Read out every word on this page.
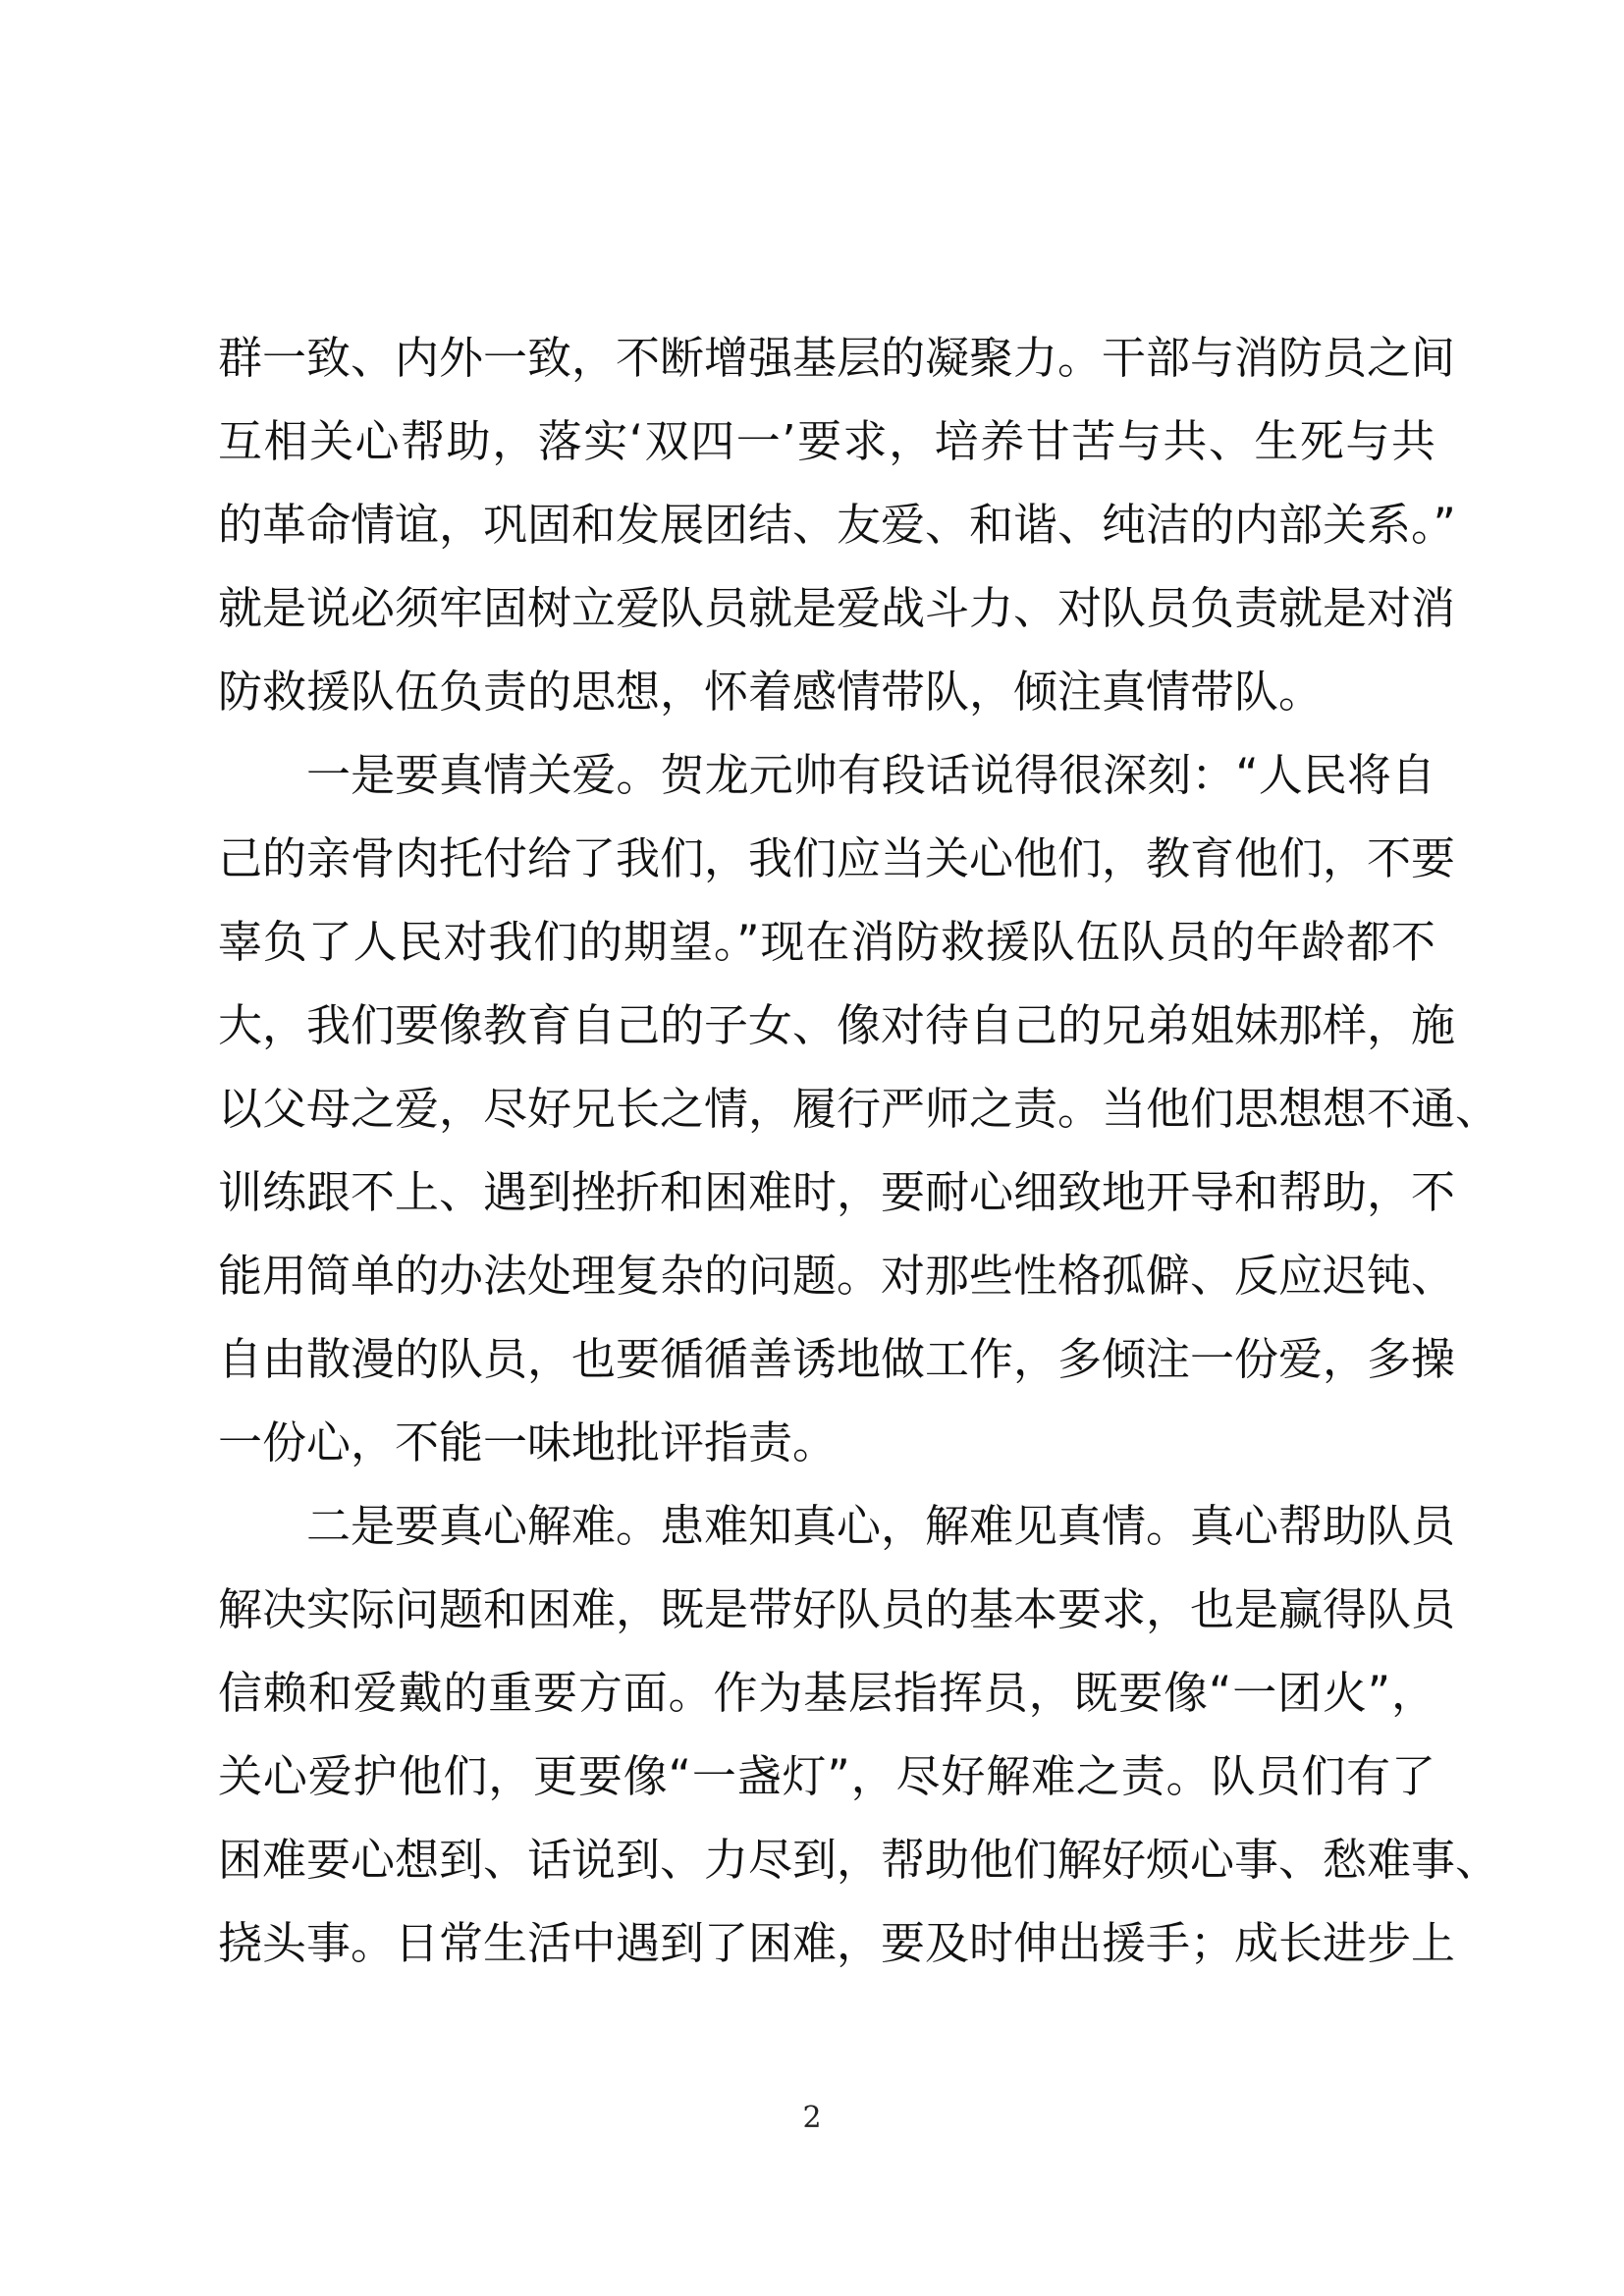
群一致、内外一致，不断增强基层的凝聚力。干部与消防员之间
互相关心帮助，落实‘双四一’要求，培养甘苦与共、生死与共
的革命情谊，巩固和发展团结、友爱、和谐、纯洁的内部关系。”
就是说必须牢固树立爱队员就是爱战斗力、对队员负责就是对消
防救援队伍负责的思想，怀着感情带队，倾注真情带队。
一是要真情关爱。贺龙元帅有段话说得很深刻：“人民将自
己的亲骨肉托付给了我们，我们应当关心他们，教育他们，不要
辜负了人民对我们的期望。”现在消防救援队伍队员的年龄都不
大，我们要像教育自己的子女、像对待自己的兄弟姐妹那样，施
以父母之爱，尽好兄长之情，履行严师之责。当他们思想想不通、
训练跟不上、遇到挫折和困难时，要耐心细致地开导和帮助，不
能用简单的办法处理复杂的问题。对那些性格孤僻、反应迟钝、
自由散漫的队员，也要循循善诱地做工作，多倾注一份爱，多操
一份心，不能一味地批评指责。
二是要真心解难。患难知真心，解难见真情。真心帮助队员
解决实际问题和困难，既是带好队员的基本要求，也是赢得队员
信赖和爱戴的重要方面。作为基层指挥员，既要像“一团火”，
关心爱护他们，更要像“一盏灯”，尽好解难之责。队员们有了
困难要心想到、话说到、力尽到，帮助他们解好烦心事、愁难事、
挠头事。日常生活中遇到了困难，要及时伸出援手；成长进步上
2
